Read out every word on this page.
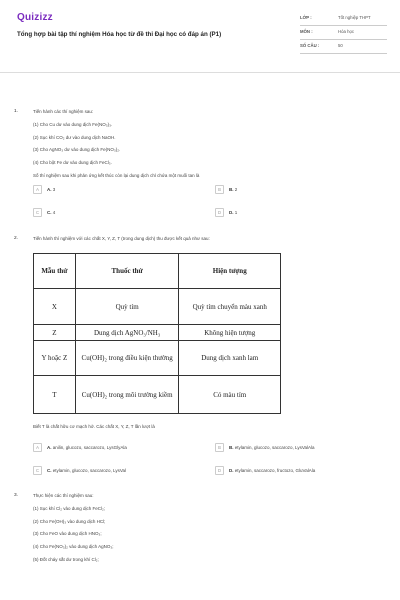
Quizizz
Tổng hợp bài tập thí nghiệm Hóa học từ đề thi Đại học có đáp án (P1)
LỚP :	Tốt nghiệp THPT
MÔN :	Hóa học
SỐ CÂU :	50
1.	Tiến hành các thí nghiệm sau:
(1) Cho Cu dư vào dung dịch Fe(NO₃)₃.
(2) Sục khí CO₂ dư vào dung dịch NaOH.
(3) Cho AgNO₃ dư vào dung dịch Fe(NO₃)₂.
(4) Cho bột Fe dư vào dung dịch FeCl₃.
Số thí nghiệm sau khi phản ứng kết thúc còn lại dung dịch chỉ chứa một muối tan là
A	A. 3	B	B. 2
C	C. 4	D	D. 1
2.	Tiến hành thí nghiệm với các chất X, Y, Z, T (trong dung dịch) thu được kết quả như sau:
Mẫu thử	Thuốc thử	Hiện tượng
X	Quỳ tím	Quỳ tím chuyển màu xanh
Z	Dung dịch AgNO₃/NH₃	Không hiện tượng
Y hoặc Z	Cu(OH)₂ trong điều kiện thường	Dung dịch xanh lam
T	Cu(OH)₂ trong môi trường kiềm	Có màu tím
Biết T là chất hữu cơ mạch hở. Các chất X, Y, Z, T lần lượt là
A	A. anilin, glucozo, saccarozo, LysGlyAla	B	B. etylamin, glucozo, saccarozo, LysValAla
C	C. etylamin, glucozo, saccarozo, LysVal	D	D. etylamin, saccarozo, fructozo, GluValAla
3.	Thực hiện các thí nghiệm sau:
(1) Sục khí Cl₂ vào dung dịch FeCl₂;
(2) Cho Fe(OH)₃ vào dung dịch HCl;
(3) Cho FeO vào dung dịch HNO₃;
(4) Cho Fe(NO₃)₂ vào dung dịch AgNO₃;
(5) Đốt cháy sắt dư trong khí Cl₂;
